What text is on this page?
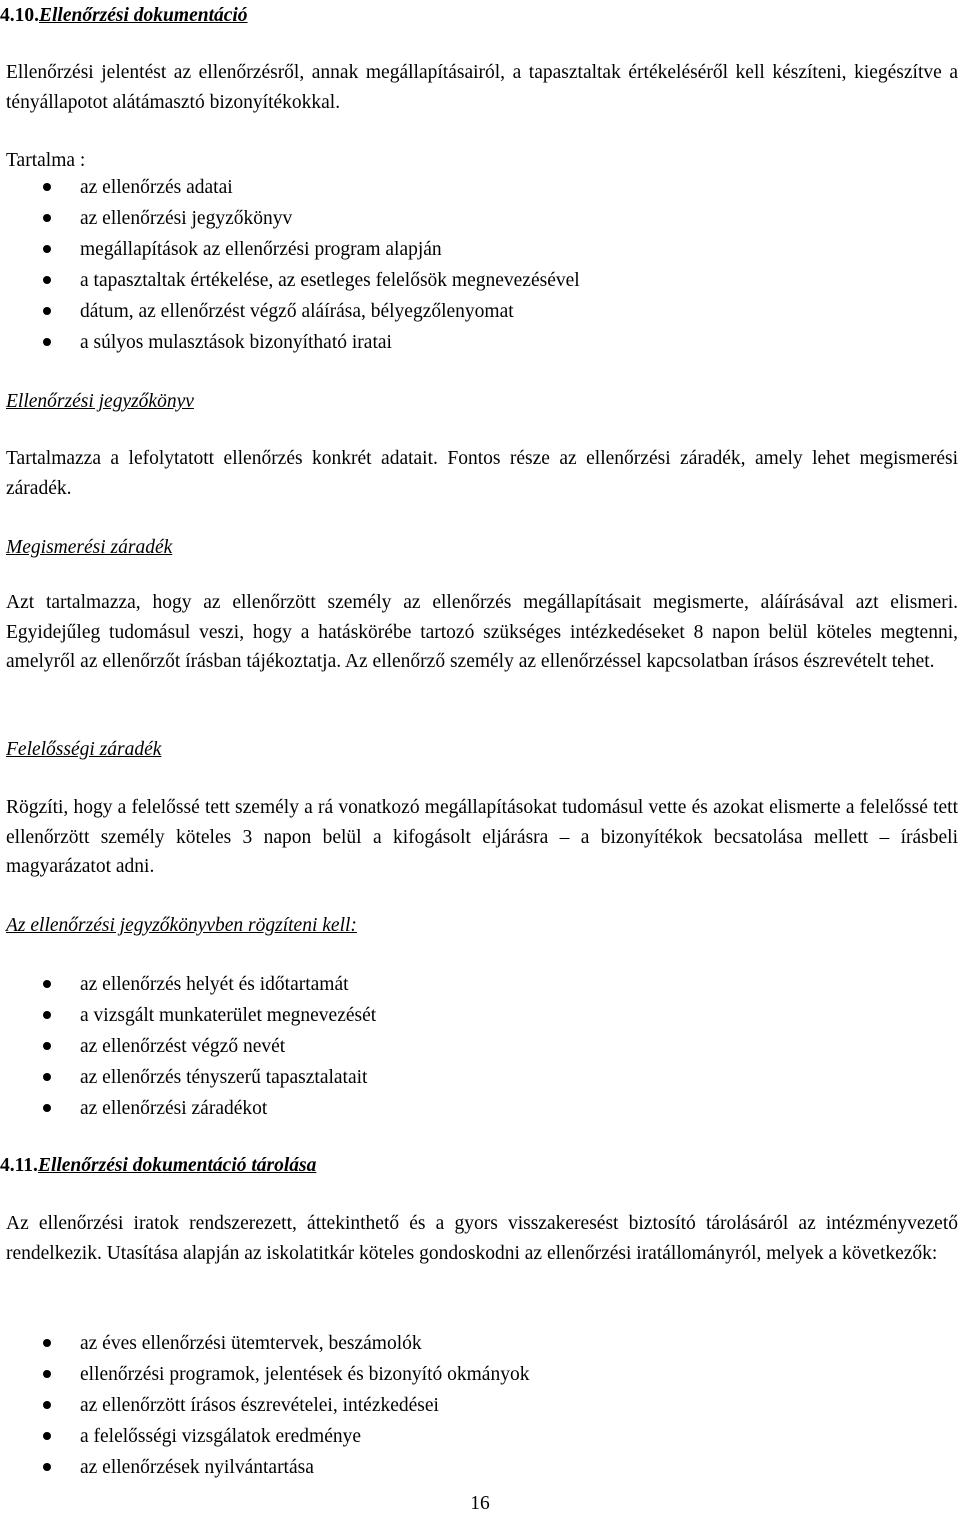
4.10.Ellenőrzési dokumentáció

Ellenőrzési jelentést az ellenőrzésről, annak megállapításairól, a tapasztaltak értékeléséről kell készíteni, kiegészítve a tényállapotot alátámasztó bizonyítékokkal.

Tartalma :
az ellenőrzés adatai
az ellenőrzési jegyzőkönyv
megállapítások az ellenőrzési program alapján
a tapasztaltak értékelése, az esetleges felelősök megnevezésével
dátum, az ellenőrzést végző aláírása, bélyegzőlenyomat
a súlyos mulasztások bizonyítható iratai
Ellenőrzési jegyzőkönyv

Tartalmazza a lefolytatott ellenőrzés konkrét adatait. Fontos része az ellenőrzési záradék, amely lehet megismerési záradék.

Megismerési záradék

Azt tartalmazza, hogy az ellenőrzött személy az ellenőrzés megállapításait megismerte, aláírásával azt elismeri. Egyidejűleg tudomásul veszi, hogy a hatáskörébe tartozó szükséges intézkedéseket 8 napon belül köteles megtenni, amelyről az ellenőrzőt írásban tájékoztatja. Az ellenőrző személy az ellenőrzéssel kapcsolatban írásos észrevételt tehet.

Felelősségi záradék

Rögzíti, hogy a felelőssé tett személy a rá vonatkozó megállapításokat tudomásul vette és azokat elismerte a felelőssé tett ellenőrzött személy köteles 3 napon belül a kifogásolt eljárásra – a bizonyítékok becsatolása mellett – írásbeli magyarázatot adni.

Az ellenőrzési jegyzőkönyvben rögzíteni kell:
az ellenőrzés helyét és időtartamát
a vizsgált munkaterület megnevezését
az ellenőrzést végző nevét
az ellenőrzés tényszerű tapasztalatait
az ellenőrzési záradékot
4.11.Ellenőrzési dokumentáció tárolása

Az ellenőrzési iratok rendszerezett, áttekinthető és a gyors visszakeresést biztosító tárolásáról az intézményvezető rendelkezik. Utasítása alapján az iskolatitkár köteles gondoskodni az ellenőrzési iratállományról, melyek a következők:

az éves ellenőrzési ütemtervek, beszámolók
ellenőrzési programok, jelentések és bizonyító okmányok
az ellenőrzött írásos észrevételei, intézkedései
a felelősségi vizsgálatok eredménye
az ellenőrzések nyilvántartása
16
